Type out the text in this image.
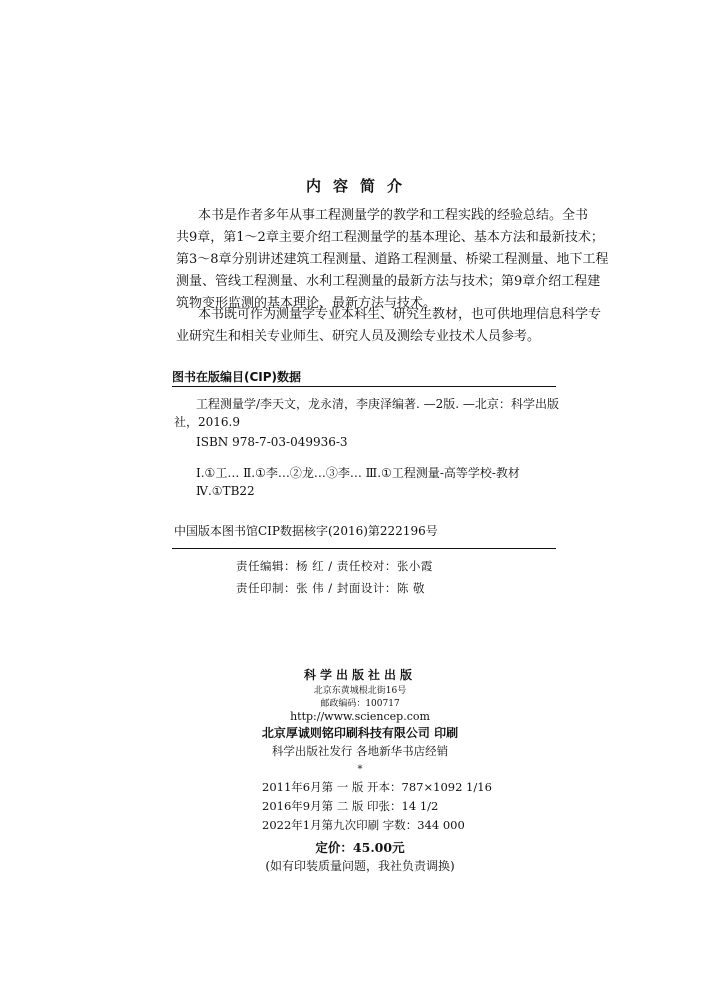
内容简介

本书是作者多年从事工程测量学的教学和工程实践的经验总结。全书
共9章，第1～2章主要介绍工程测量学的基本理论、基本方法和最新技术；
第3～8章分别讲述建筑工程测量、道路工程测量、桥梁工程测量、地下工程
测量、管线工程测量、水利工程测量的最新方法与技术；第9章介绍工程建
筑物变形监测的基本理论、最新方法与技术。

本书既可作为测量学专业本科生、研究生教材，也可供地理信息科学专
业研究生和相关专业师生、研究人员及测绘专业技术人员参考。

图书在版编目(CIP)数据

工程测量学/李天文，龙永清，李庚泽编著. —2版. —北京：科学出版
社，2016.9

ISBN 978-7-03-049936-3

Ⅰ.①工… Ⅱ.①李…②龙…③李… Ⅲ.①工程测量-高等学校-教材
Ⅳ.①TB22

中国版本图书馆CIP数据核字(2016)第222196号

责任编辑：杨 红 / 责任校对：张小霞
责任印制：张 伟 / 封面设计：陈 敬
科学出版社出版
北京东黄城根北街16号
邮政编码：100717
http://www.sciencep.com
北京厚诚则铭印刷科技有限公司 印刷
科学出版社发行 各地新华书店经销
*
2011年6月第 一 版 开本：787×1092 1/16
2016年9月第 二 版 印张：14 1/2
2022年1月第九次印刷 字数：344 000
定价：45.00元
(如有印装质量问题，我社负责调换)
